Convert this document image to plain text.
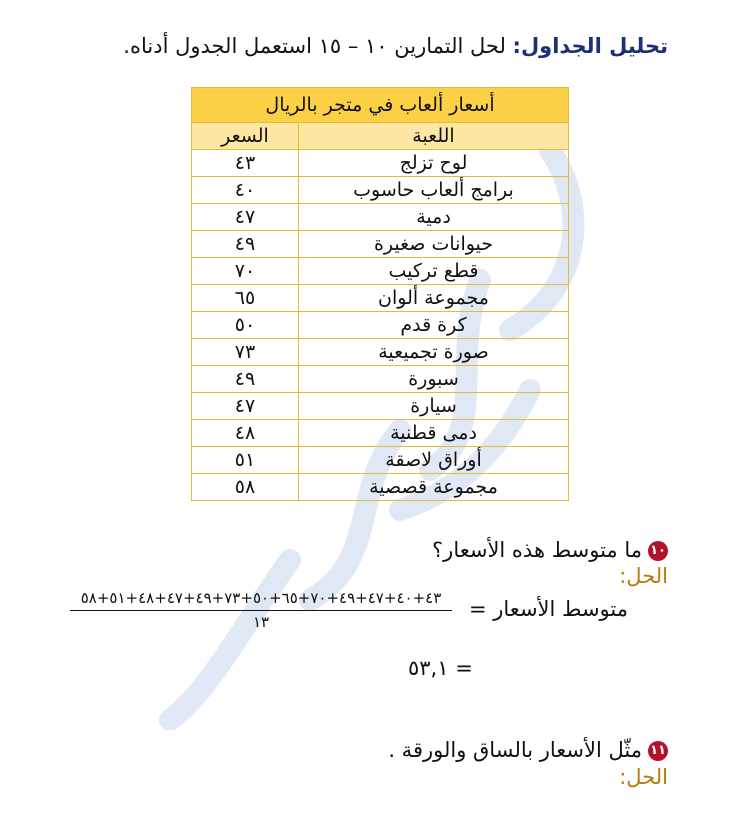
تحليل الجداول: لحل التمارين ١٠ – ١٥ استعمل الجدول أدناه.
أسعار ألعاب في متجر بالريال	
اللعبة	السعر
لوح تزلج	٤٣
برامج ألعاب حاسوب	٤٠
دمية	٤٧
حيوانات صغيرة	٤٩
قطع تركيب	٧٠
مجموعة ألوان	٦٥
كرة قدم	٥٠
صورة تجميعية	٧٣
سبورة	٤٩
سيارة	٤٧
دمى قطنية	٤٨
أوراق لاصقة	٥١
مجموعة قصصية	٥٨
١٠ما متوسط هذه الأسعار؟
الحل:
متوسط الأسعار =
٤٣+٤٠+٤٧+٤٩+٧٠+٦٥+٥٠+٧٣+٤٩+٤٧+٤٨+٥١+٥٨
١٣
= ٥٣,١
١١مثّل الأسعار بالساق والورقة .
الحل:
